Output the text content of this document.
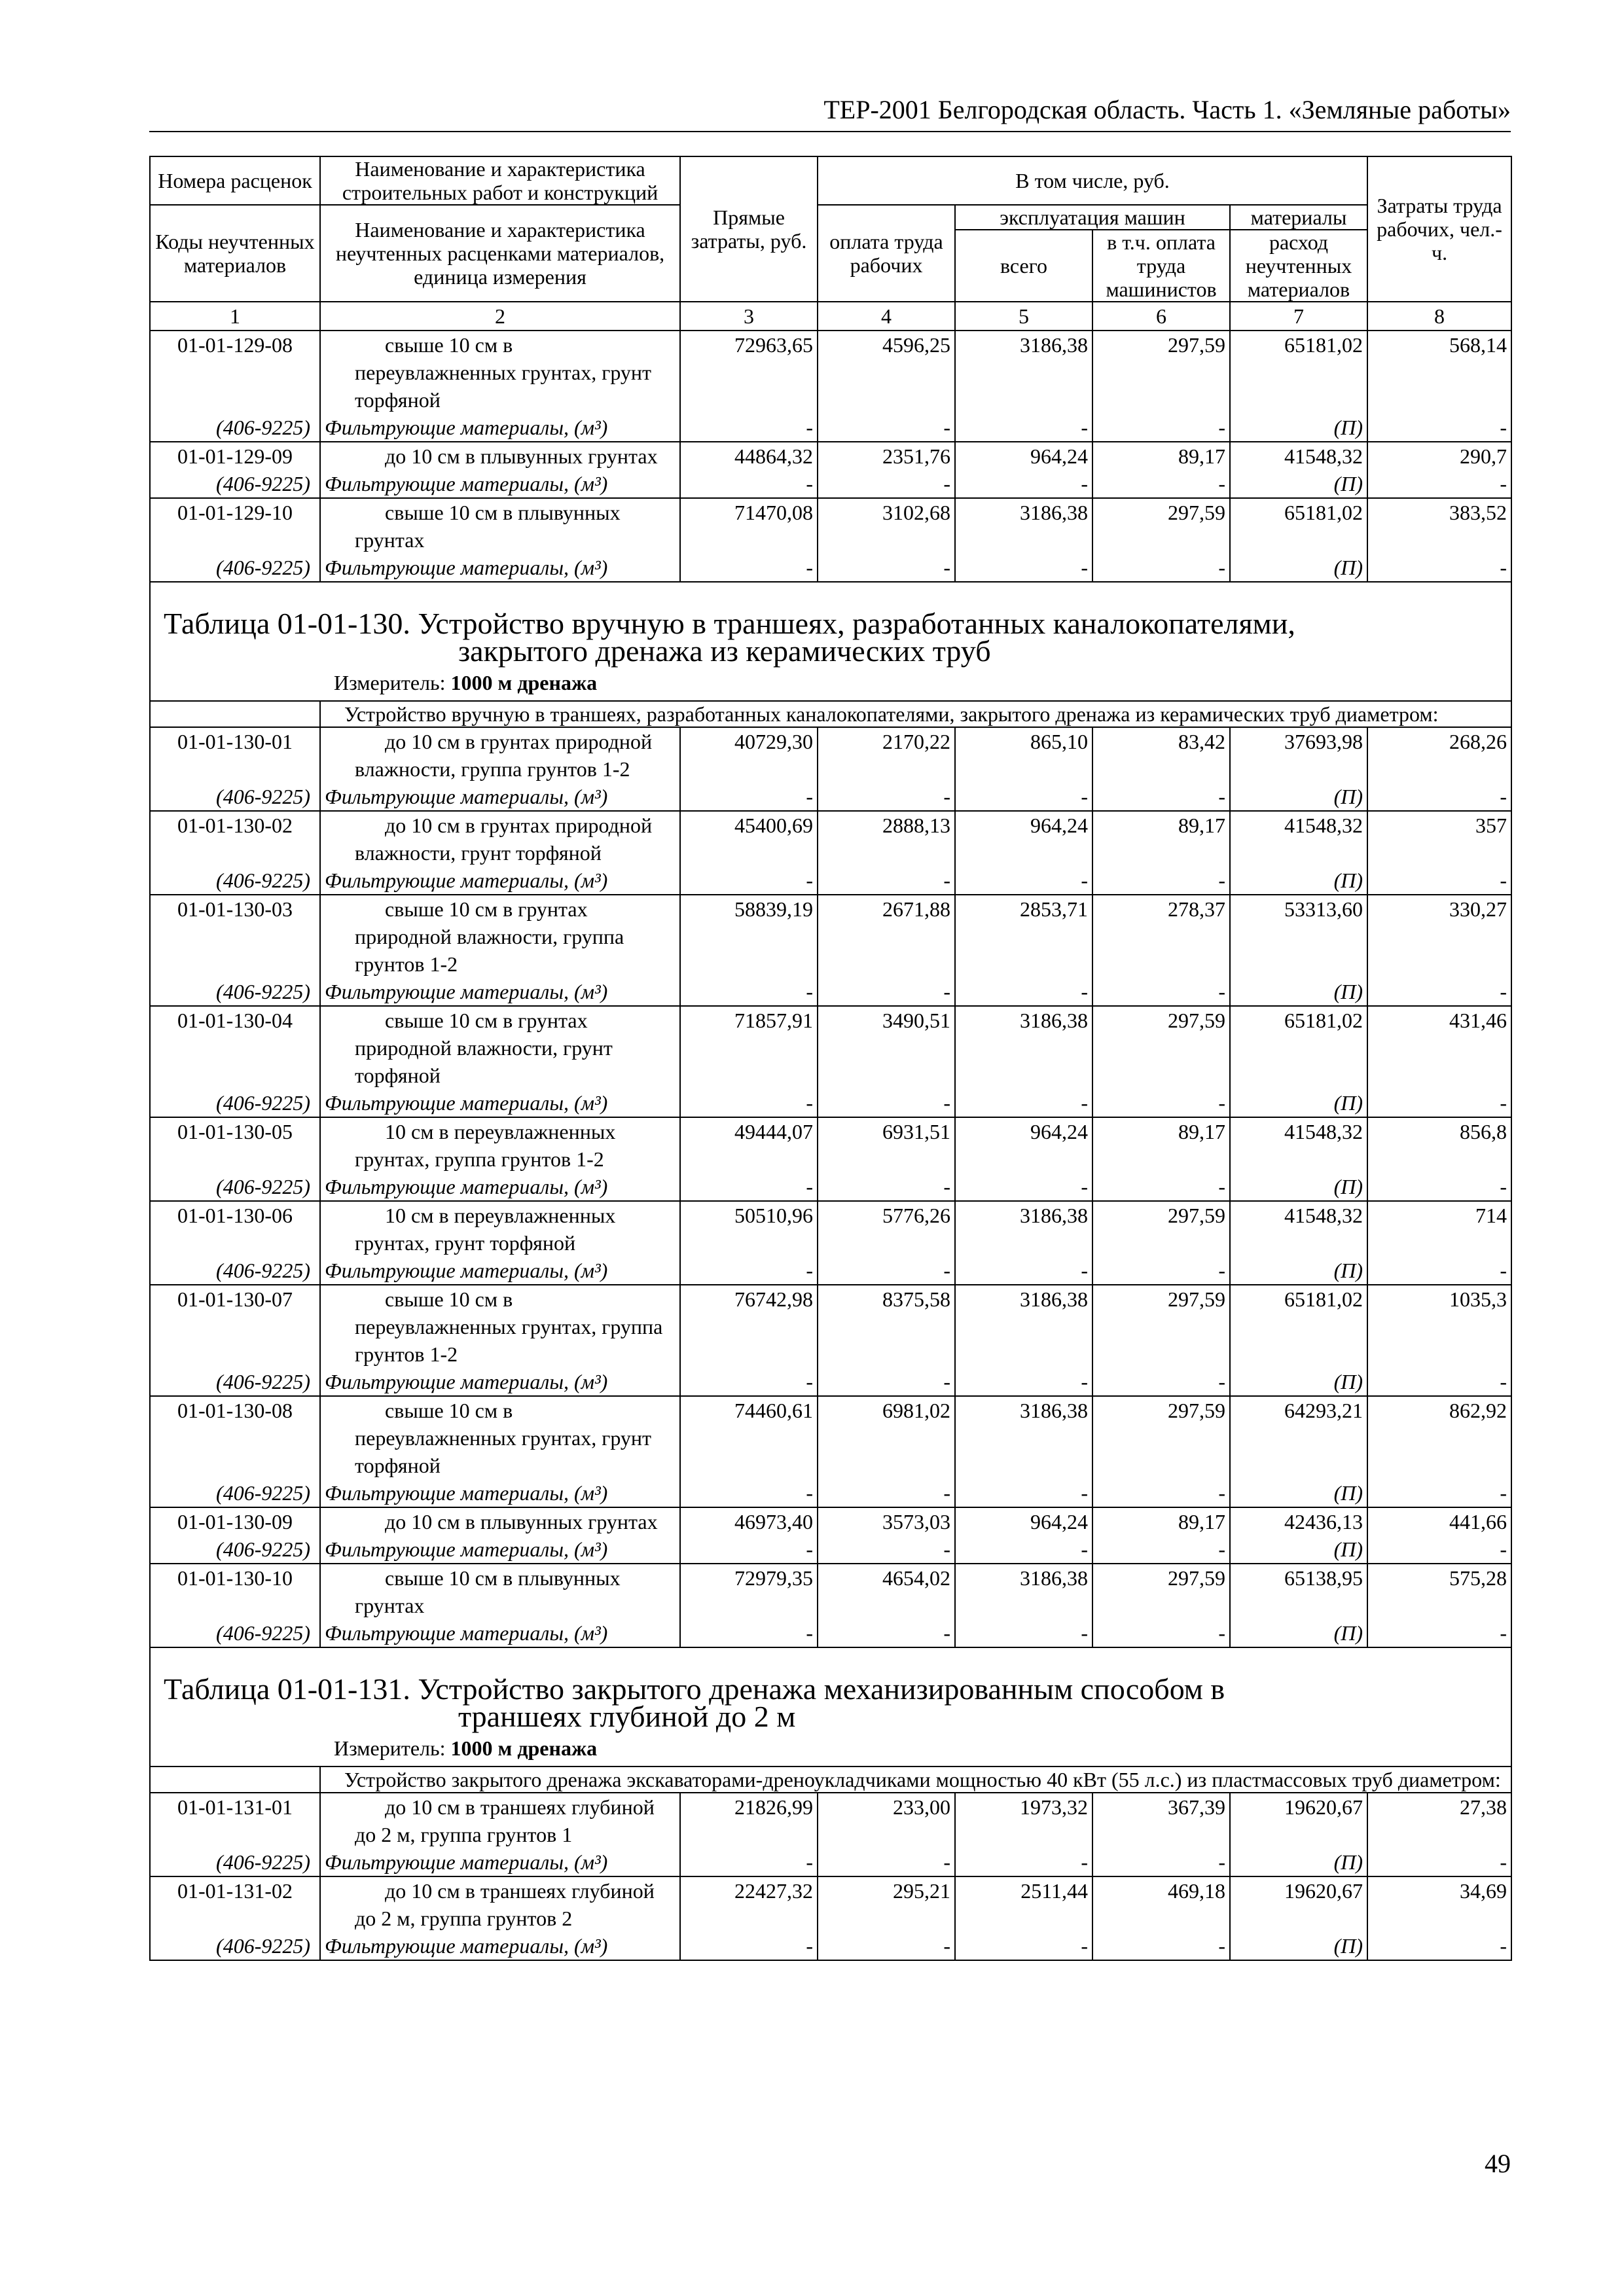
ТЕР-2001 Белгородская область. Часть 1. «Земляные работы»
Номера расценок	Наименование и характеристика строительных работ и конструкций	Прямые затраты, руб.	В том числе, руб.				Затраты труда рабочих, чел.-ч.
Коды неучтенных материалов	Наименование и характеристика неучтенных расценками материалов, единица измерения		оплата труда рабочих	эксплуатация машин		материалы	
				всего	в т.ч. оплата труда машинистов	расход неучтенных материалов	
1	2	3	4	5	6	7	8
01-01-129-08	свыше 10 см в переувлажненных грунтах, грунт торфяной	72963,65	4596,25	3186,38	297,59	65181,02	568,14
(406-9225)	Фильтрующие материалы, (м³)	-	-	-	-	(П)	-
01-01-129-09	до 10 см в плывунных грунтах	44864,32	2351,76	964,24	89,17	41548,32	290,7
(406-9225)	Фильтрующие материалы, (м³)	-	-	-	-	(П)	-
01-01-129-10	свыше 10 см в плывунных грунтах	71470,08	3102,68	3186,38	297,59	65181,02	383,52
(406-9225)	Фильтрующие материалы, (м³)	-	-	-	-	(П)	-
Таблица 01-01-130. Устройство вручную в траншеях, разработанных каналокопателями,
закрытого дренажа из керамических труб							

Измеритель: 1000 м дренажа							
	Устройство вручную в траншеях, разработанных каналокопателями, закрытого дренажа из керамических труб диаметром:						
01-01-130-01	до 10 см в грунтах природной влажности, группа грунтов 1-2	40729,30	2170,22	865,10	83,42	37693,98	268,26
(406-9225)	Фильтрующие материалы, (м³)	-	-	-	-	(П)	-
01-01-130-02	до 10 см в грунтах природной влажности, грунт торфяной	45400,69	2888,13	964,24	89,17	41548,32	357
(406-9225)	Фильтрующие материалы, (м³)	-	-	-	-	(П)	-
01-01-130-03	свыше 10 см в грунтах природной влажности, группа грунтов 1-2	58839,19	2671,88	2853,71	278,37	53313,60	330,27
(406-9225)	Фильтрующие материалы, (м³)	-	-	-	-	(П)	-
01-01-130-04	свыше 10 см в грунтах природной влажности, грунт торфяной	71857,91	3490,51	3186,38	297,59	65181,02	431,46
(406-9225)	Фильтрующие материалы, (м³)	-	-	-	-	(П)	-
01-01-130-05	10 см в переувлажненных грунтах, группа грунтов 1-2	49444,07	6931,51	964,24	89,17	41548,32	856,8
(406-9225)	Фильтрующие материалы, (м³)	-	-	-	-	(П)	-
01-01-130-06	10 см в переувлажненных грунтах, грунт торфяной	50510,96	5776,26	3186,38	297,59	41548,32	714
(406-9225)	Фильтрующие материалы, (м³)	-	-	-	-	(П)	-
01-01-130-07	свыше 10 см в переувлажненных грунтах, группа грунтов 1-2	76742,98	8375,58	3186,38	297,59	65181,02	1035,3
(406-9225)	Фильтрующие материалы, (м³)	-	-	-	-	(П)	-
01-01-130-08	свыше 10 см в переувлажненных грунтах, грунт торфяной	74460,61	6981,02	3186,38	297,59	64293,21	862,92
(406-9225)	Фильтрующие материалы, (м³)	-	-	-	-	(П)	-
01-01-130-09	до 10 см в плывунных грунтах	46973,40	3573,03	964,24	89,17	42436,13	441,66
(406-9225)	Фильтрующие материалы, (м³)	-	-	-	-	(П)	-
01-01-130-10	свыше 10 см в плывунных грунтах	72979,35	4654,02	3186,38	297,59	65138,95	575,28
(406-9225)	Фильтрующие материалы, (м³)	-	-	-	-	(П)	-
Таблица 01-01-131. Устройство закрытого дренажа механизированным способом в
траншеях глубиной до 2 м							

Измеритель: 1000 м дренажа							
	Устройство закрытого дренажа экскаваторами-дреноукладчиками мощностью 40 кВт (55 л.с.) из пластмассовых труб диаметром:						
01-01-131-01	до 10 см в траншеях глубиной до 2 м, группа грунтов 1	21826,99	233,00	1973,32	367,39	19620,67	27,38
(406-9225)	Фильтрующие материалы, (м³)	-	-	-	-	(П)	-
01-01-131-02	до 10 см в траншеях глубиной до 2 м, группа грунтов 2	22427,32	295,21	2511,44	469,18	19620,67	34,69
(406-9225)	Фильтрующие материалы, (м³)	-	-	-	-	(П)	-
49
